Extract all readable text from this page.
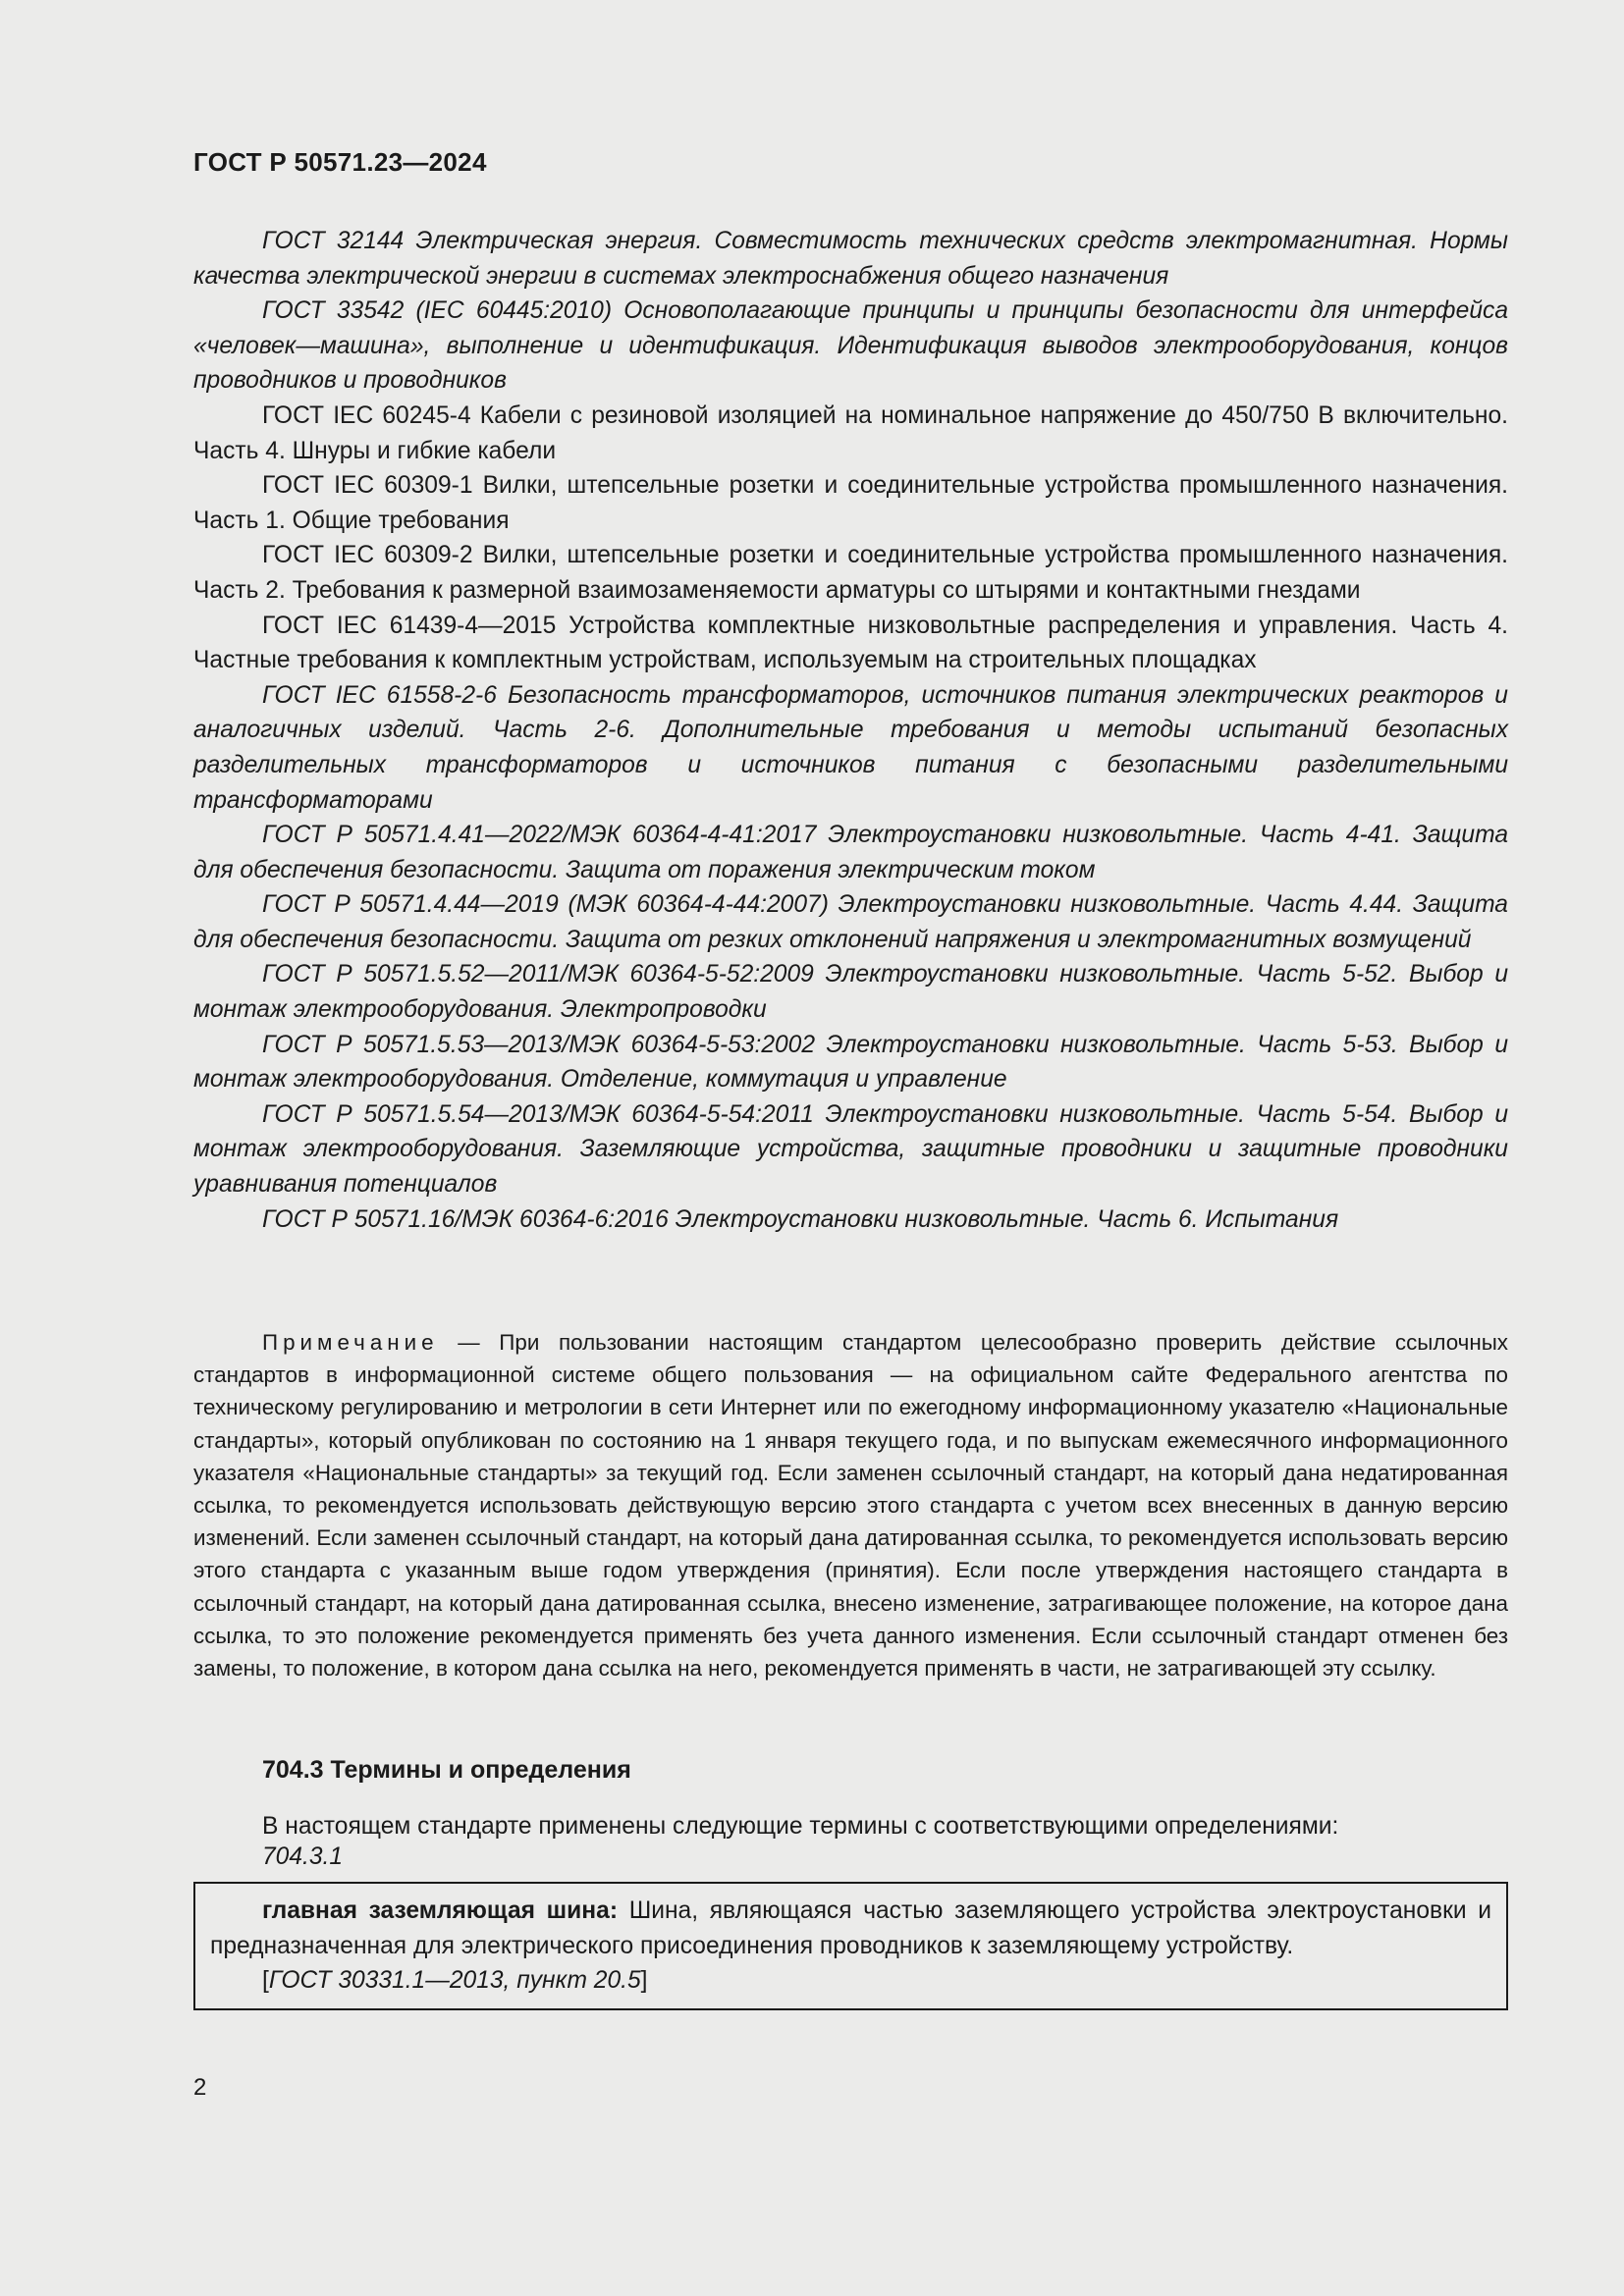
ГОСТ Р 50571.23—2024

ГОСТ 32144 Электрическая энергия. Совместимость технических средств электромагнитная. Нормы качества электрической энергии в системах электроснабжения общего назначения

ГОСТ 33542 (IEC 60445:2010) Основополагающие принципы и принципы безопасности для интерфейса «человек—машина», выполнение и идентификация. Идентификация выводов электрооборудования, концов проводников и проводников

ГОСТ IEC 60245-4 Кабели с резиновой изоляцией на номинальное напряжение до 450/750 В включительно. Часть 4. Шнуры и гибкие кабели

ГОСТ IEC 60309-1 Вилки, штепсельные розетки и соединительные устройства промышленного назначения. Часть 1. Общие требования

ГОСТ IEC 60309-2 Вилки, штепсельные розетки и соединительные устройства промышленного назначения. Часть 2. Требования к размерной взаимозаменяемости арматуры со штырями и контактными гнездами

ГОСТ IEC 61439-4—2015 Устройства комплектные низковольтные распределения и управления. Часть 4. Частные требования к комплектным устройствам, используемым на строительных площадках

ГОСТ IEC 61558-2-6 Безопасность трансформаторов, источников питания электрических реакторов и аналогичных изделий. Часть 2-6. Дополнительные требования и методы испытаний безопасных разделительных трансформаторов и источников питания с безопасными разделительными трансформаторами

ГОСТ Р 50571.4.41—2022/МЭК 60364-4-41:2017 Электроустановки низковольтные. Часть 4-41. Защита для обеспечения безопасности. Защита от поражения электрическим током

ГОСТ Р 50571.4.44—2019 (МЭК 60364-4-44:2007) Электроустановки низковольтные. Часть 4.44. Защита для обеспечения безопасности. Защита от резких отклонений напряжения и электромагнитных возмущений

ГОСТ Р 50571.5.52—2011/МЭК 60364-5-52:2009 Электроустановки низковольтные. Часть 5-52. Выбор и монтаж электрооборудования. Электропроводки

ГОСТ Р 50571.5.53—2013/МЭК 60364-5-53:2002 Электроустановки низковольтные. Часть 5-53. Выбор и монтаж электрооборудования. Отделение, коммутация и управление

ГОСТ Р 50571.5.54—2013/МЭК 60364-5-54:2011 Электроустановки низковольтные. Часть 5-54. Выбор и монтаж электрооборудования. Заземляющие устройства, защитные проводники и защитные проводники уравнивания потенциалов

ГОСТ Р 50571.16/МЭК 60364-6:2016 Электроустановки низковольтные. Часть 6. Испытания

Примечание — При пользовании настоящим стандартом целесообразно проверить действие ссылочных стандартов в информационной системе общего пользования — на официальном сайте Федерального агентства по техническому регулированию и метрологии в сети Интернет или по ежегодному информационному указателю «Национальные стандарты», который опубликован по состоянию на 1 января текущего года, и по выпускам ежемесячного информационного указателя «Национальные стандарты» за текущий год. Если заменен ссылочный стандарт, на который дана недатированная ссылка, то рекомендуется использовать действующую версию этого стандарта с учетом всех внесенных в данную версию изменений. Если заменен ссылочный стандарт, на который дана датированная ссылка, то рекомендуется использовать версию этого стандарта с указанным выше годом утверждения (принятия). Если после утверждения настоящего стандарта в ссылочный стандарт, на который дана датированная ссылка, внесено изменение, затрагивающее положение, на которое дана ссылка, то это положение рекомендуется применять без учета данного изменения. Если ссылочный стандарт отменен без замены, то положение, в котором дана ссылка на него, рекомендуется применять в части, не затрагивающей эту ссылку.

704.3 Термины и определения
В настоящем стандарте применены следующие термины с соответствующими определениями:
704.3.1

главная заземляющая шина: Шина, являющаяся частью заземляющего устройства электроустановки и предназначенная для электрического присоединения проводников к заземляющему устройству.

[ГОСТ 30331.1—2013, пункт 20.5]

2
